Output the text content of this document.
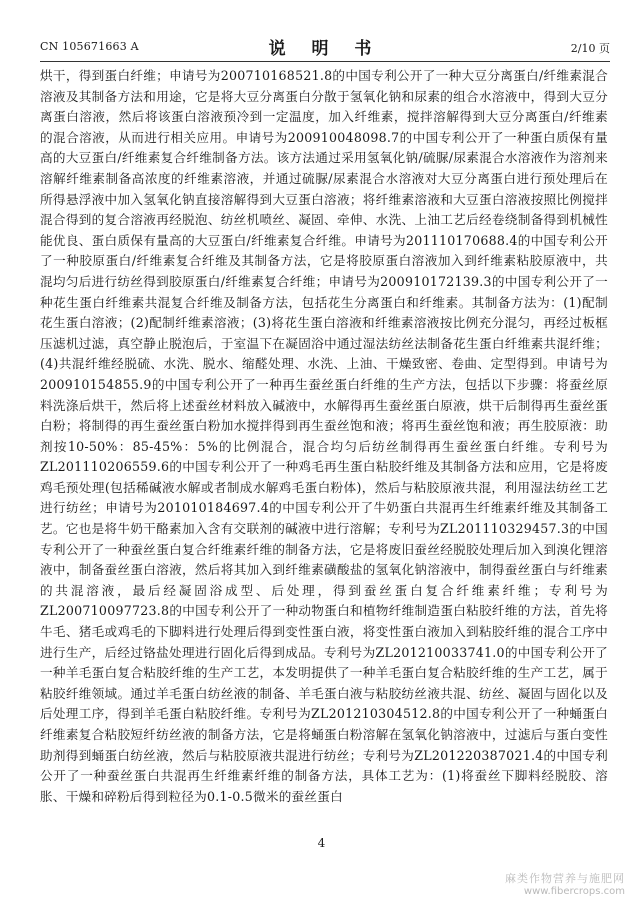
CN 105671663 A	说 明 书	2/10 页
烘干，得到蛋白纤维；申请号为200710168521.8的中国专利公开了一种大豆分离蛋白/纤维素混合溶液及其制备方法和用途，它是将大豆分离蛋白分散于氢氧化钠和尿素的组合水溶液中，得到大豆分离蛋白溶液，然后将该蛋白溶液预冷到一定温度，加入纤维素，搅拌溶解得到大豆分离蛋白/纤维素的混合溶液，从而进行相关应用。申请号为200910048098.7的中国专利公开了一种蛋白质保有量高的大豆蛋白/纤维素复合纤维制备方法。该方法通过采用氢氧化钠/硫脲/尿素混合水溶液作为溶剂来溶解纤维素制备高浓度的纤维素溶液，并通过硫脲/尿素混合水溶液对大豆分离蛋白进行预处理后在所得悬浮液中加入氢氧化钠直接溶解得到大豆蛋白溶液；将纤维素溶液和大豆蛋白溶液按照比例搅拌混合得到的复合溶液再经脱泡、纺丝机喷丝、凝固、牵伸、水洗、上油工艺后经卷绕制备得到机械性能优良、蛋白质保有量高的大豆蛋白/纤维素复合纤维。申请号为201110170688.4的中国专利公开了一种胶原蛋白/纤维素复合纤维及其制备方法，它是将胶原蛋白溶液加入到纤维素粘胶原液中，共混均匀后进行纺丝得到胶原蛋白/纤维素复合纤维；申请号为200910172139.3的中国专利公开了一种花生蛋白纤维素共混复合纤维及制备方法，包括花生分离蛋白和纤维素。其制备方法为：(1)配制花生蛋白溶液；(2)配制纤维素溶液；(3)将花生蛋白溶液和纤维素溶液按比例充分混匀，再经过板框压滤机过滤，真空静止脱泡后，于室温下在凝固浴中通过湿法纺丝法制备花生蛋白纤维素共混纤维；(4)共混纤维经脱硫、水洗、脱水、缩醛处理、水洗、上油、干燥致密、卷曲、定型得到。申请号为200910154855.9的中国专利公开了一种再生蚕丝蛋白纤维的生产方法，包括以下步骤：将蚕丝原料洗涤后烘干，然后将上述蚕丝材料放入碱液中，水解得再生蚕丝蛋白原液，烘干后制得再生蚕丝蛋白粉；将制得的再生蚕丝蛋白粉加水搅拌得到再生蚕丝饱和液；将再生蚕丝饱和液；再生胶原液：助剂按10-50%：85-45%：5%的比例混合，混合均匀后纺丝制得再生蚕丝蛋白纤维。专利号为ZL201110206559.6的中国专利公开了一种鸡毛再生蛋白粘胶纤维及其制备方法和应用，它是将废鸡毛预处理(包括稀碱液水解或者制成水解鸡毛蛋白粉体)，然后与粘胶原液共混，利用湿法纺丝工艺进行纺丝；申请号为201010184697.4的中国专利公开了牛奶蛋白共混再生纤维素纤维及其制备工艺。它也是将牛奶干酪素加入含有交联剂的碱液中进行溶解；专利号为ZL201110329457.3的中国专利公开了一种蚕丝蛋白复合纤维素纤维的制备方法，它是将废旧蚕丝经脱胶处理后加入到溴化锂溶液中，制备蚕丝蛋白溶液，然后将其加入到纤维素磺酸盐的氢氧化钠溶液中，制得蚕丝蛋白与纤维素的共混溶液，最后经凝固浴成型、后处理，得到蚕丝蛋白复合纤维素纤维；专利号为ZL200710097723.8的中国专利公开了一种动物蛋白和植物纤维制造蛋白粘胶纤维的方法，首先将牛毛、猪毛或鸡毛的下脚料进行处理后得到变性蛋白液，将变性蛋白液加入到粘胶纤维的混合工序中进行生产，后经过铬盐处理进行固化后得到成品。专利号为ZL201210033741.0的中国专利公开了一种羊毛蛋白复合粘胶纤维的生产工艺，本发明提供了一种羊毛蛋白复合粘胶纤维的生产工艺，属于粘胶纤维领域。通过羊毛蛋白纺丝液的制备、羊毛蛋白液与粘胶纺丝液共混、纺丝、凝固与固化以及后处理工序，得到羊毛蛋白粘胶纤维。专利号为ZL201210304512.8的中国专利公开了一种蛹蛋白纤维素复合粘胶短纤纺丝液的制备方法，它是将蛹蛋白粉溶解在氢氧化钠溶液中，过滤后与蛋白变性助剂得到蛹蛋白纺丝液，然后与粘胶原液共混进行纺丝；专利号为ZL201220387021.4的中国专利公开了一种蚕丝蛋白共混再生纤维素纤维的制备方法，具体工艺为：(1)将蚕丝下脚料经脱胶、溶胀、干燥和碎粉后得到粒径为0.1-0.5微米的蚕丝蛋白
4
麻类作物营养与施肥网
www.fibercrops.com
